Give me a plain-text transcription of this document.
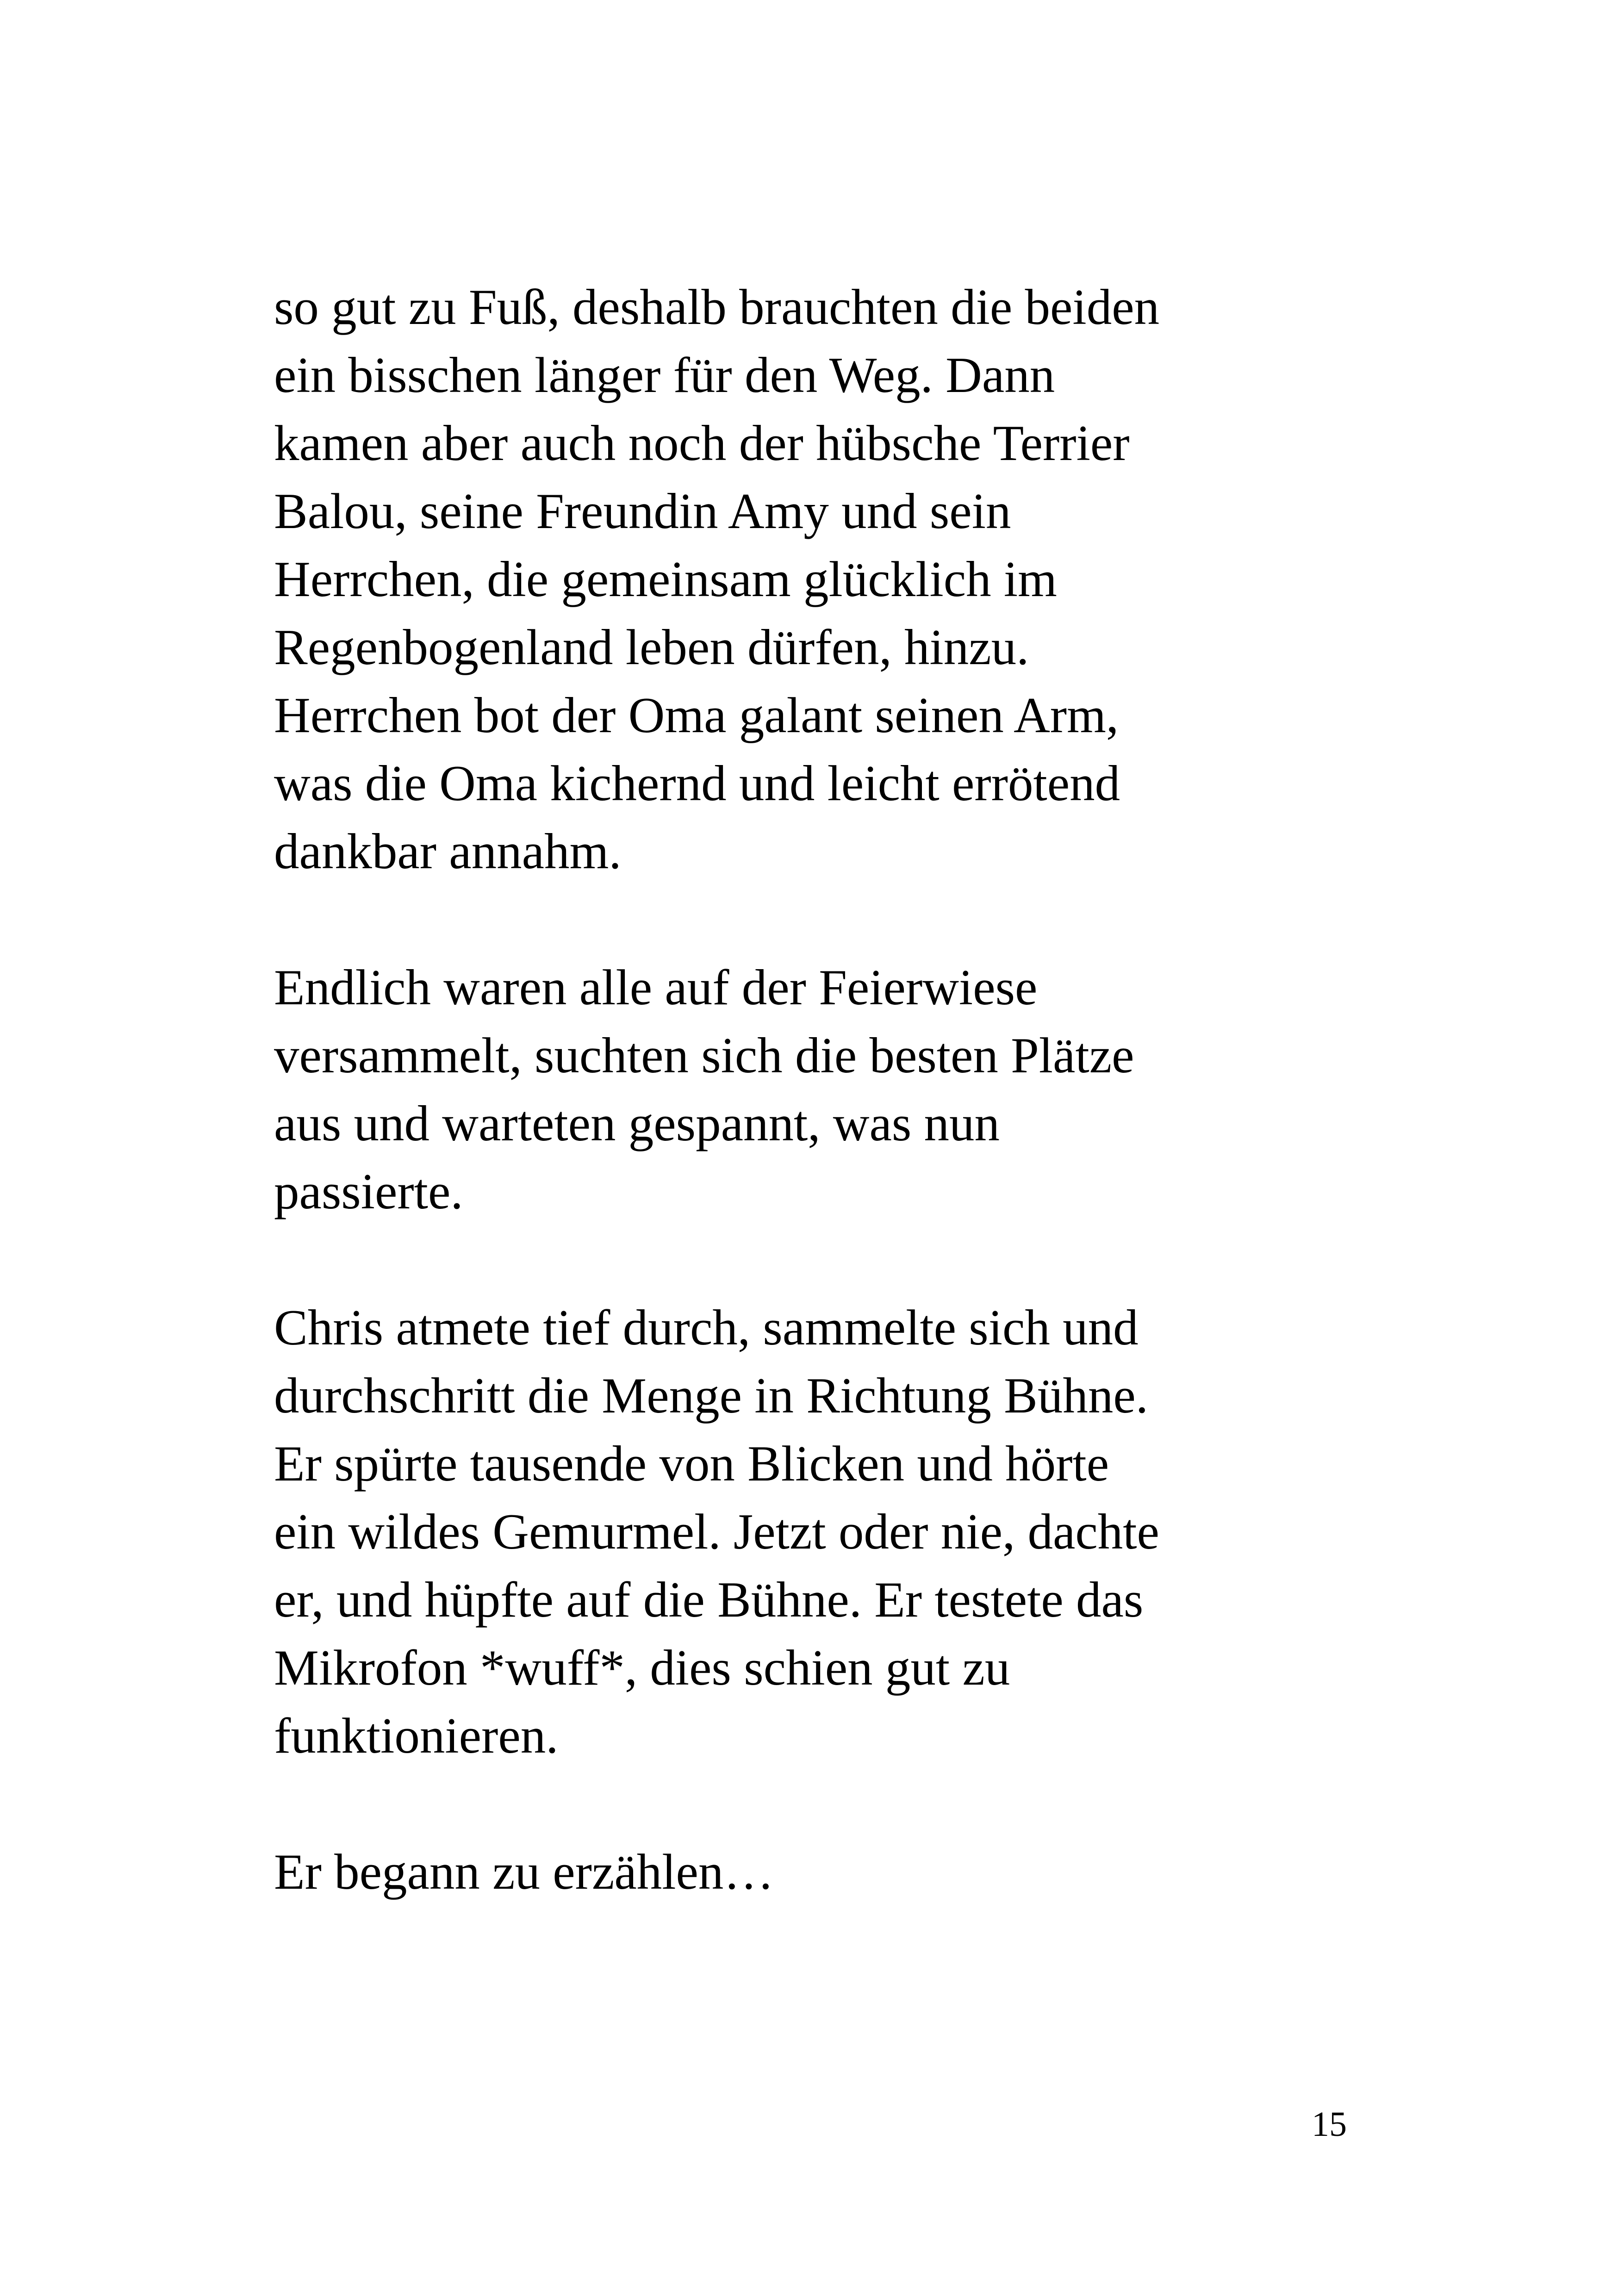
so gut zu Fuß, deshalb brauchten die beiden
ein bisschen länger für den Weg. Dann
kamen aber auch noch der hübsche Terrier
Balou, seine Freundin Amy und sein
Herrchen, die gemeinsam glücklich im
Regenbogenland leben dürfen, hinzu.
Herrchen bot der Oma galant seinen Arm,
was die Oma kichernd und leicht errötend
dankbar annahm.

Endlich waren alle auf der Feierwiese
versammelt, suchten sich die besten Plätze
aus und warteten gespannt, was nun
passierte.

Chris atmete tief durch, sammelte sich und
durchschritt die Menge in Richtung Bühne.
Er spürte tausende von Blicken und hörte
ein wildes Gemurmel. Jetzt oder nie, dachte
er, und hüpfte auf die Bühne. Er testete das
Mikrofon *wuff*, dies schien gut zu
funktionieren.

Er begann zu erzählen…

15
